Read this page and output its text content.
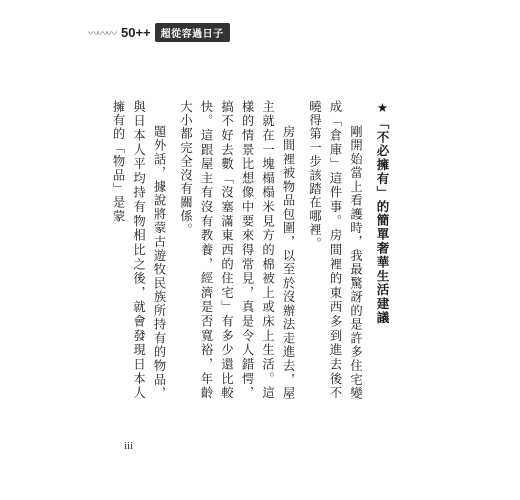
〰〰〰 50++	超從容過日子

★「不必擁有」的簡單奢華生活建議

剛開始當上看護時，我最驚訝的是許多住宅變成「倉庫」這件事。房間裡的東西多到進去後不曉得第一步該踏在哪裡。

房間裡被物品包圍，以至於沒辦法走進去，屋主就在一塊榻榻米見方的棉被上或床上生活。這樣的情景比想像中要來得常見，真是令人錯愕，搞不好去數「沒塞滿東西的住宅」有多少還比較快。這跟屋主有沒有教養，經濟是否寬裕，年齡大小都完全沒有關係。

題外話，據說將蒙古遊牧民族所持有的物品，與日本人平均持有物相比之後，就會發現日本人擁有的「物品」是蒙

iii
